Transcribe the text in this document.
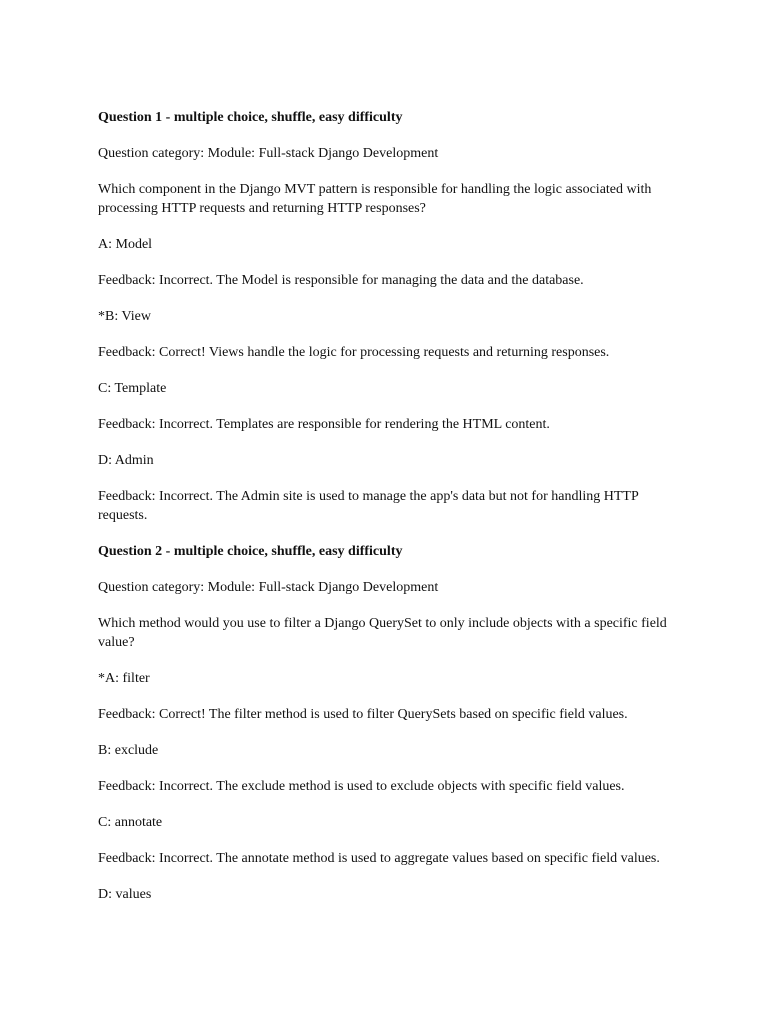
Question 1 - multiple choice, shuffle, easy difficulty

Question category: Module: Full-stack Django Development

Which component in the Django MVT pattern is responsible for handling the logic associated with processing HTTP requests and returning HTTP responses?

A: Model

Feedback: Incorrect. The Model is responsible for managing the data and the database.

*B: View

Feedback: Correct! Views handle the logic for processing requests and returning responses.

C: Template

Feedback: Incorrect. Templates are responsible for rendering the HTML content.

D: Admin

Feedback: Incorrect. The Admin site is used to manage the app's data but not for handling HTTP requests.

Question 2 - multiple choice, shuffle, easy difficulty

Question category: Module: Full-stack Django Development

Which method would you use to filter a Django QuerySet to only include objects with a specific field value?

*A: filter

Feedback: Correct! The filter method is used to filter QuerySets based on specific field values.

B: exclude

Feedback: Incorrect. The exclude method is used to exclude objects with specific field values.

C: annotate

Feedback: Incorrect. The annotate method is used to aggregate values based on specific field values.

D: values
